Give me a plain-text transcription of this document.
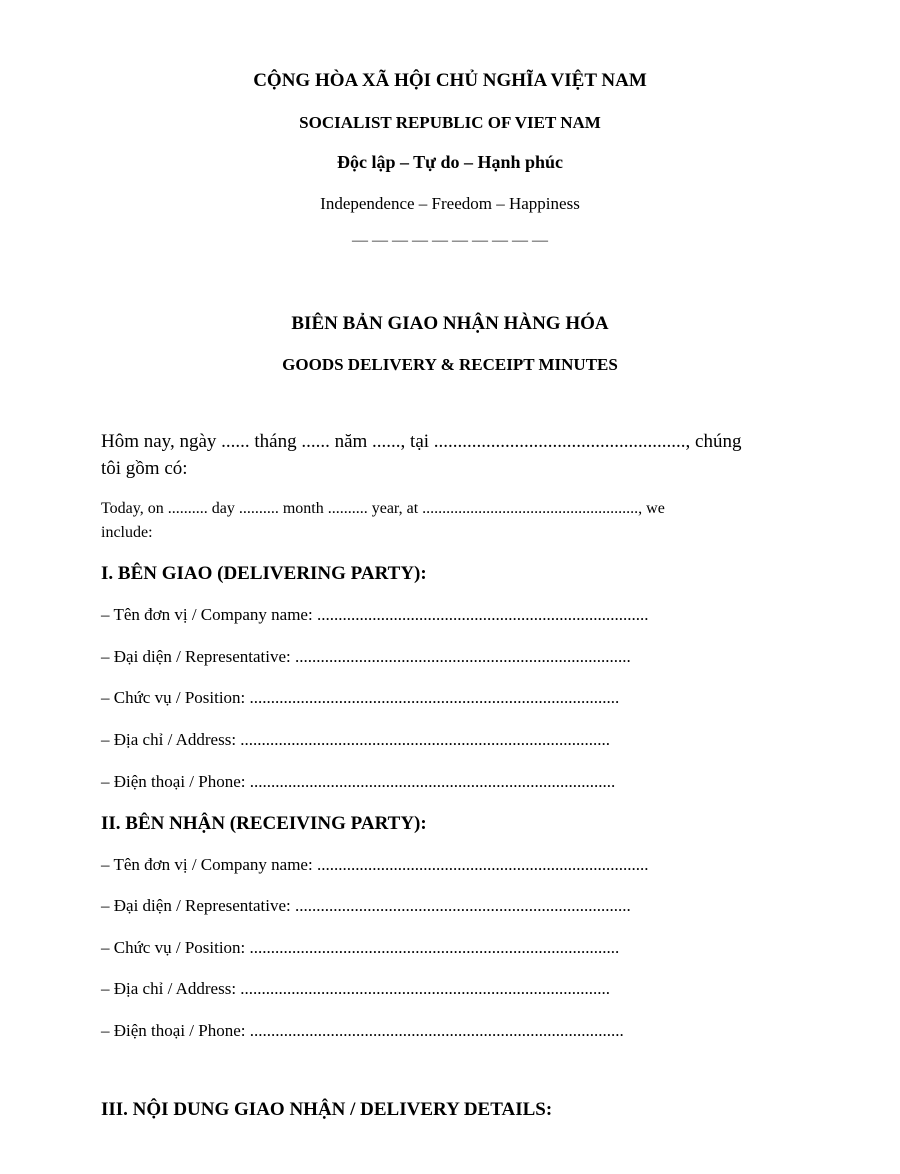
CỘNG HÒA XÃ HỘI CHỦ NGHĨA VIỆT NAM
SOCIALIST REPUBLIC OF VIET NAM
Độc lập – Tự do – Hạnh phúc
Independence – Freedom – Happiness
— — — — — — — — — —
BIÊN BẢN GIAO NHẬN HÀNG HÓA
GOODS DELIVERY & RECEIPT MINUTES
Hôm nay, ngày ...... tháng ...... năm ......, tại ....................................................., chúng
tôi gồm có:
Today, on .......... day .......... month .......... year, at ......................................................, we
include:
I. BÊN GIAO (DELIVERING PARTY):
– Tên đơn vị / Company name: ..............................................................................
– Đại diện / Representative: ...............................................................................
– Chức vụ / Position: .......................................................................................
– Địa chỉ / Address: .......................................................................................
– Điện thoại / Phone: ......................................................................................
II. BÊN NHẬN (RECEIVING PARTY):
– Tên đơn vị / Company name: ..............................................................................
– Đại diện / Representative: ...............................................................................
– Chức vụ / Position: .......................................................................................
– Địa chỉ / Address: .......................................................................................
– Điện thoại / Phone: ........................................................................................
III. NỘI DUNG GIAO NHẬN / DELIVERY DETAILS:
